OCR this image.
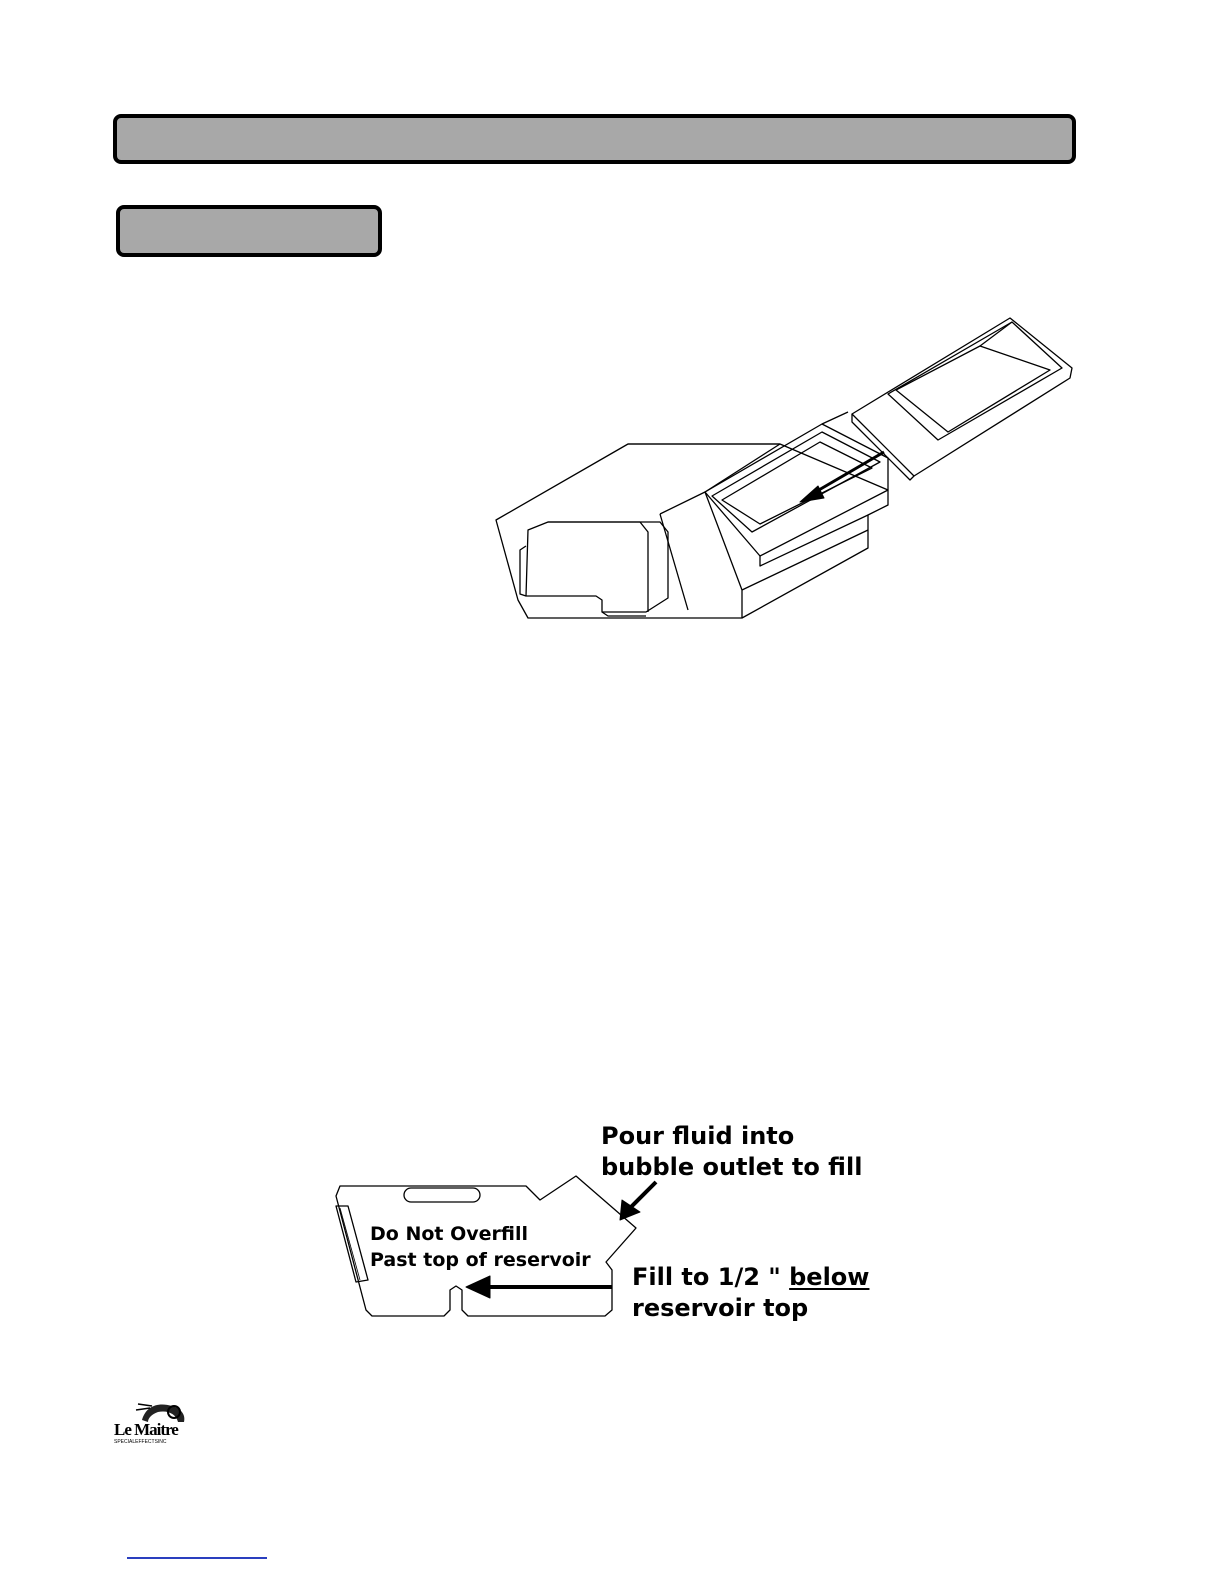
Pour fluid into
bubble outlet to fill
Do Not Overfill
Past top of reservoir
Fill to 1/2 " below
reservoir top
Le Maitre
SPECIALEFFECTSINC
